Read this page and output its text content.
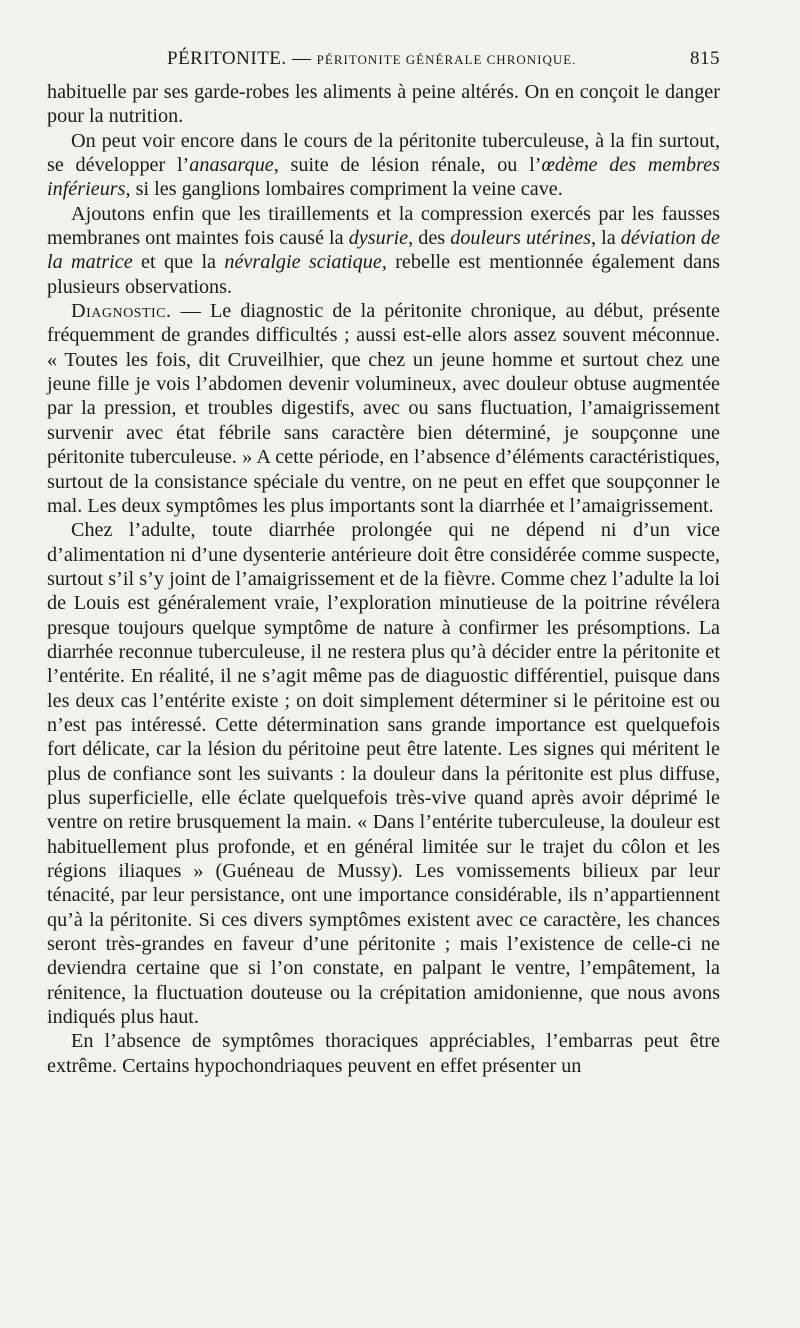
PÉRITONITE. — PÉRITONITE GÉNÉRALE CHRONIQUE.	815

habituelle par ses garde-robes les aliments à peine altérés. On en conçoit le danger pour la nutrition.

On peut voir encore dans le cours de la péritonite tuberculeuse, à la fin surtout, se développer l’anasarque, suite de lésion rénale, ou l’œdème des membres inférieurs, si les ganglions lombaires compriment la veine cave.

Ajoutons enfin que les tiraillements et la compression exercés par les fausses membranes ont maintes fois causé la dysurie, des douleurs utérines, la déviation de la matrice et que la névralgie sciatique, rebelle est mentionnée également dans plusieurs observations.

Diagnostic. — Le diagnostic de la péritonite chronique, au début, présente fréquemment de grandes difficultés ; aussi est-elle alors assez souvent méconnue. « Toutes les fois, dit Cruveilhier, que chez un jeune homme et surtout chez une jeune fille je vois l’abdomen devenir volumineux, avec douleur obtuse augmentée par la pression, et troubles digestifs, avec ou sans fluctuation, l’amaigrissement survenir avec état fébrile sans caractère bien déterminé, je soupçonne une péritonite tuberculeuse. » A cette période, en l’absence d’éléments caractéristiques, surtout de la consistance spéciale du ventre, on ne peut en effet que soupçonner le mal. Les deux symptômes les plus importants sont la diarrhée et l’amaigrissement.

Chez l’adulte, toute diarrhée prolongée qui ne dépend ni d’un vice d’alimentation ni d’une dysenterie antérieure doit être considérée comme suspecte, surtout s’il s’y joint de l’amaigrissement et de la fièvre. Comme chez l’adulte la loi de Louis est généralement vraie, l’exploration minutieuse de la poitrine révélera presque toujours quelque symptôme de nature à confirmer les présomptions. La diarrhée reconnue tuberculeuse, il ne restera plus qu’à décider entre la péritonite et l’entérite. En réalité, il ne s’agit même pas de diaguostic différentiel, puisque dans les deux cas l’entérite existe ; on doit simplement déterminer si le péritoine est ou n’est pas intéressé. Cette détermination sans grande importance est quelquefois fort délicate, car la lésion du péritoine peut être latente. Les signes qui méritent le plus de confiance sont les suivants : la douleur dans la péritonite est plus diffuse, plus superficielle, elle éclate quelquefois très-vive quand après avoir déprimé le ventre on retire brusquement la main. « Dans l’entérite tuberculeuse, la douleur est habituellement plus profonde, et en général limitée sur le trajet du côlon et les régions iliaques » (Guéneau de Mussy). Les vomissements bilieux par leur ténacité, par leur persistance, ont une importance considérable, ils n’appartiennent qu’à la péritonite. Si ces divers symptômes existent avec ce caractère, les chances seront très-grandes en faveur d’une péritonite ; mais l’existence de celle-ci ne deviendra certaine que si l’on constate, en palpant le ventre, l’empâtement, la rénitence, la fluctuation douteuse ou la crépitation amidonienne, que nous avons indiqués plus haut.

En l’absence de symptômes thoraciques appréciables, l’embarras peut être extrême. Certains hypochondriaques peuvent en effet présenter un
